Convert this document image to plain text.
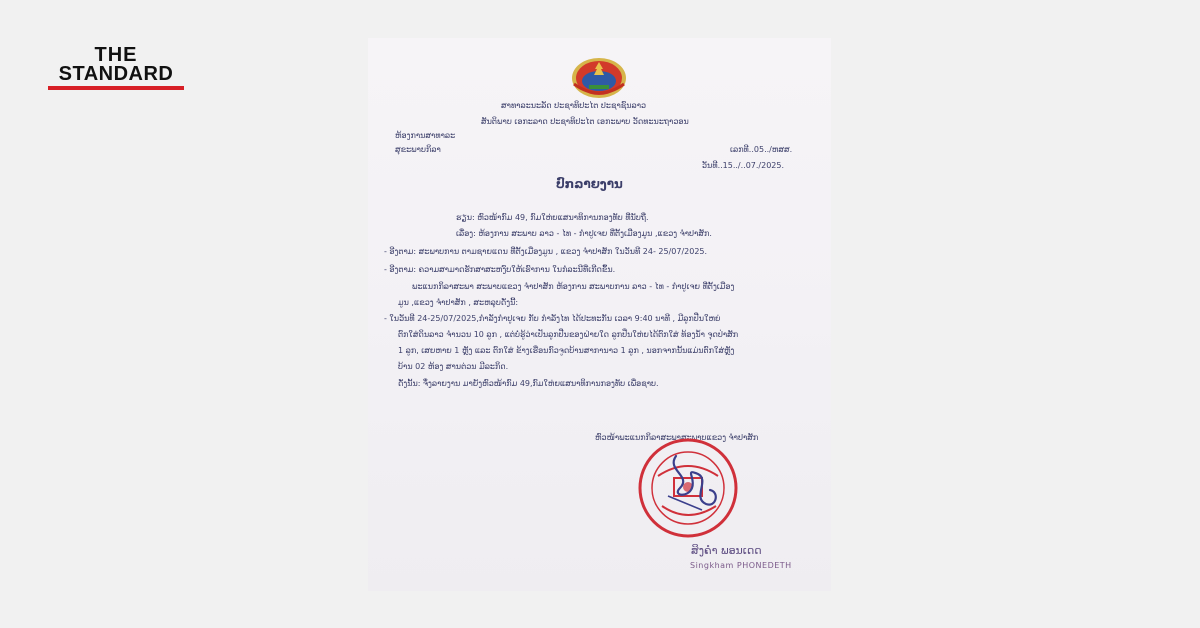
THE
STANDARD
ສາທາລະນະລັດ ປະຊາທິປະໄຕ ປະຊາຊົນລາວ
ສັນຕິພາບ ເອກະລາດ ປະຊາທິປະໄຕ ເອກະພາບ ວັດທະນະຖາວອນ
ຫ້ອງການສາທາລະ
ສຸຂະພາບກິລາ	ເລກທີ..05../ຫສສ.
ວັນທີ..15../..07./2025.
ປົກລາຍງານ
ຮຽນ: ຫົວໜ້າກົມ 49, ກົມໃຫ່ຍແສນາທິການກອງທັບ ທີ່ນັບຖື.
ເລື່ອງ: ຫ້ອງການ ສະພາບ ລາວ - ໄທ - ກຳປູເຈຍ ທີ່ຕັ້ງເມືອງມູນ ,ແຂວງ ຈຳປາສັກ.
- ອີງຕາມ: ສະພາບການ ຕາມຊາຍແດນ ທີ່ຕັ້ງເມືອງມູນ , ແຂວງ ຈຳປາສັກ ໃນວັນທີ 24- 25/07/2025.
- ອີງຕາມ: ຄວາມສາມາດຮັກສາສະຫງົບໃຫ້ເຮົາການ ໃນກໍລະນີທີ່ເກີດຂຶ້ນ.
ພະແນກກິລາສະພາ ສະພາບແຂວງ ຈຳປາສັກ ຫ້ອງການ ສະພາບການ ລາວ - ໄທ - ກຳປູເຈຍ ທີ່ຕັ້ງເມືອງ
ມູນ ,ແຂວງ ຈຳປາສັກ , ສະຫລຸບດັ່ງນີ້:
- ໃນວັນທີ 24-25/07/2025,ກຳລັງກຳປູເຈຍ ກັບ ກຳລັງໄທ ໄດ້ປະທະກັນ ເວລາ 9:40 ນາທີ , ມີລູກປືນໃຫຍ່
ຕົກໃສ່ດິນລາວ ຈຳນວນ 10 ລູກ , ແຕ່ບໍ່ຮູ້ວ່າເປັນລູກປືນຂອງຝ່າຍໃດ ລູກປືນໃຫ່ຍໄດ້ຕົກໃສ່ ທ້ອງນ້ຳ ຈຸດປ່າສັກ
1 ລູກ, ເສຍຫາຍ 1 ຫຼັງ ແລະ ຕົກໃສ່ ຂ້າງເຮືອນກົວຈູດບ້ານສາການາວ 1 ລູກ , ນອກຈາກນັ້ນແມ່ນຕົກໃສ່ຫຼັງ
ບ້ານ 02 ຫ້ອງ ສານຕ່ວນ ມີລະກິດ.
ດັ່ງນັ້ນ: ຈຶ່ງລາຍງານ ມາຍັງຫົວໜ້າກົມ 49,ກົມໃຫ່ຍແສນາທິການກອງທັບ ເພື່ອຊາບ.
ຫົວໜ້າພະແນກກິລາສະພາສະພາບແຂວງ ຈຳປາສັກ
ສິງຄຳ ພອນເດດ
Singkham PHONEDETH
